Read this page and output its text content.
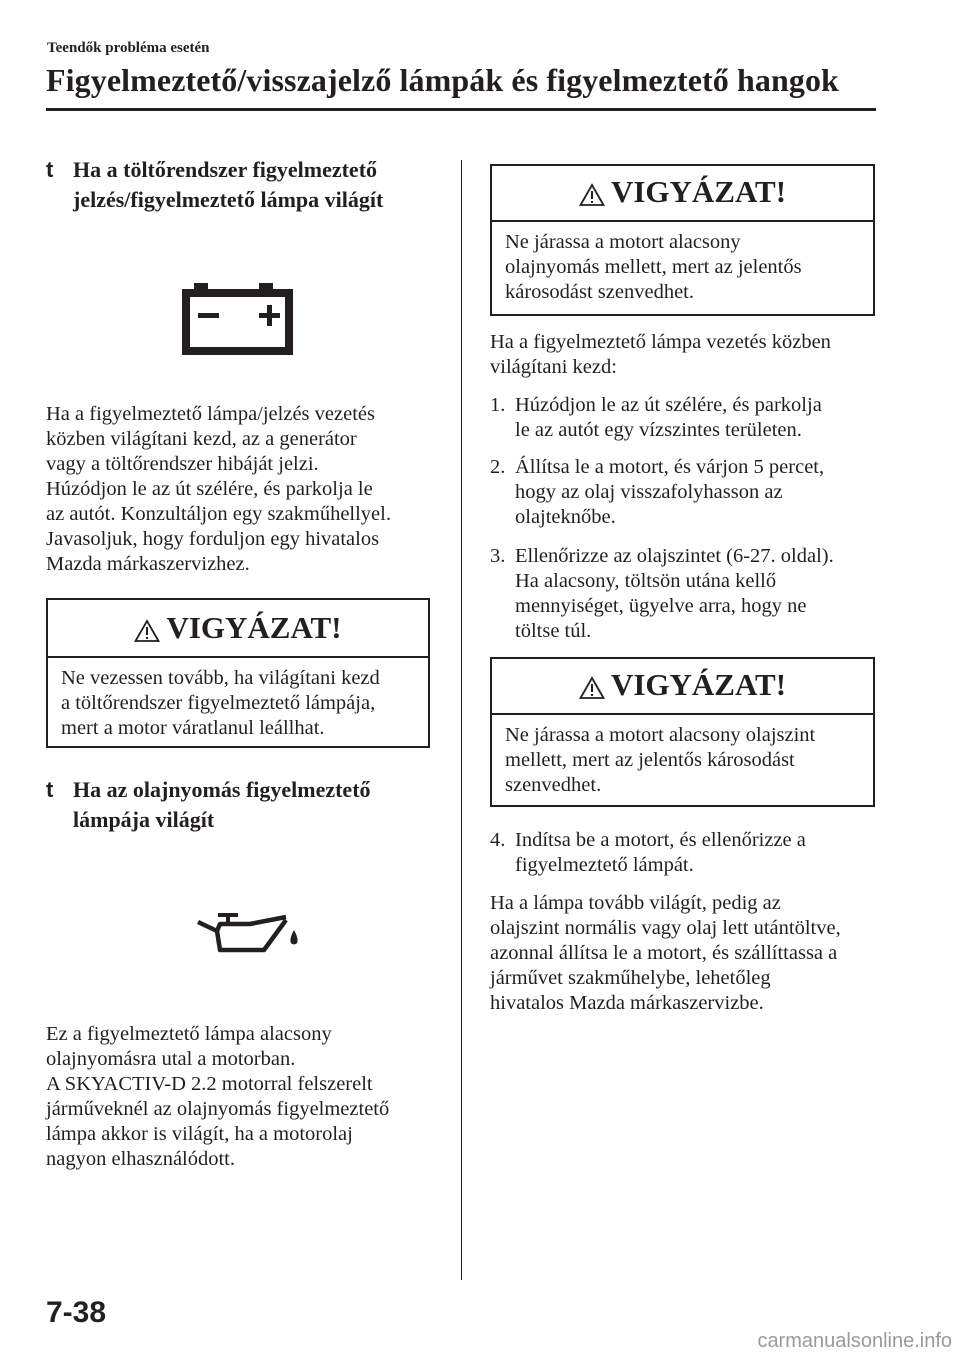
Teendők probléma esetén
Figyelmeztető/visszajelző lámpák és figyelmeztető hangok
t Ha a töltőrendszer figyelmeztető
jelzés/figyelmeztető lámpa világít
Ha a figyelmeztető lámpa/jelzés vezetés
közben világítani kezd, az a generátor
vagy a töltőrendszer hibáját jelzi.
Húzódjon le az út szélére, és parkolja le
az autót. Konzultáljon egy szakműhellyel.
Javasoljuk, hogy forduljon egy hivatalos
Mazda márkaszervizhez.
VIGYÁZAT!
Ne vezessen tovább, ha világítani kezd
a töltőrendszer figyelmeztető lámpája,
mert a motor váratlanul leállhat.
t Ha az olajnyomás figyelmeztető
lámpája világít
Ez a figyelmeztető lámpa alacsony
olajnyomásra utal a motorban.
A SKYACTIV-D 2.2 motorral felszerelt
járműveknél az olajnyomás figyelmeztető
lámpa akkor is világít, ha a motorolaj
nagyon elhasználódott.
VIGYÁZAT!
Ne járassa a motort alacsony
olajnyomás mellett, mert az jelentős
károsodást szenvedhet.
Ha a figyelmeztető lámpa vezetés közben
világítani kezd:
1. Húzódjon le az út szélére, és parkolja
le az autót egy vízszintes területen.
2. Állítsa le a motort, és várjon 5 percet,
hogy az olaj visszafolyhasson az
olajteknőbe.
3. Ellenőrizze az olajszintet (6-27. oldal).
Ha alacsony, töltsön utána kellő
mennyiséget, ügyelve arra, hogy ne
töltse túl.
VIGYÁZAT!
Ne járassa a motort alacsony olajszint
mellett, mert az jelentős károsodást
szenvedhet.
4. Indítsa be a motort, és ellenőrizze a
figyelmeztető lámpát.
Ha a lámpa tovább világít, pedig az
olajszint normális vagy olaj lett utántöltve,
azonnal állítsa le a motort, és szállíttassa a
járművet szakműhelybe, lehetőleg
hivatalos Mazda márkaszervizbe.
7-38
carmanualsonline.info
